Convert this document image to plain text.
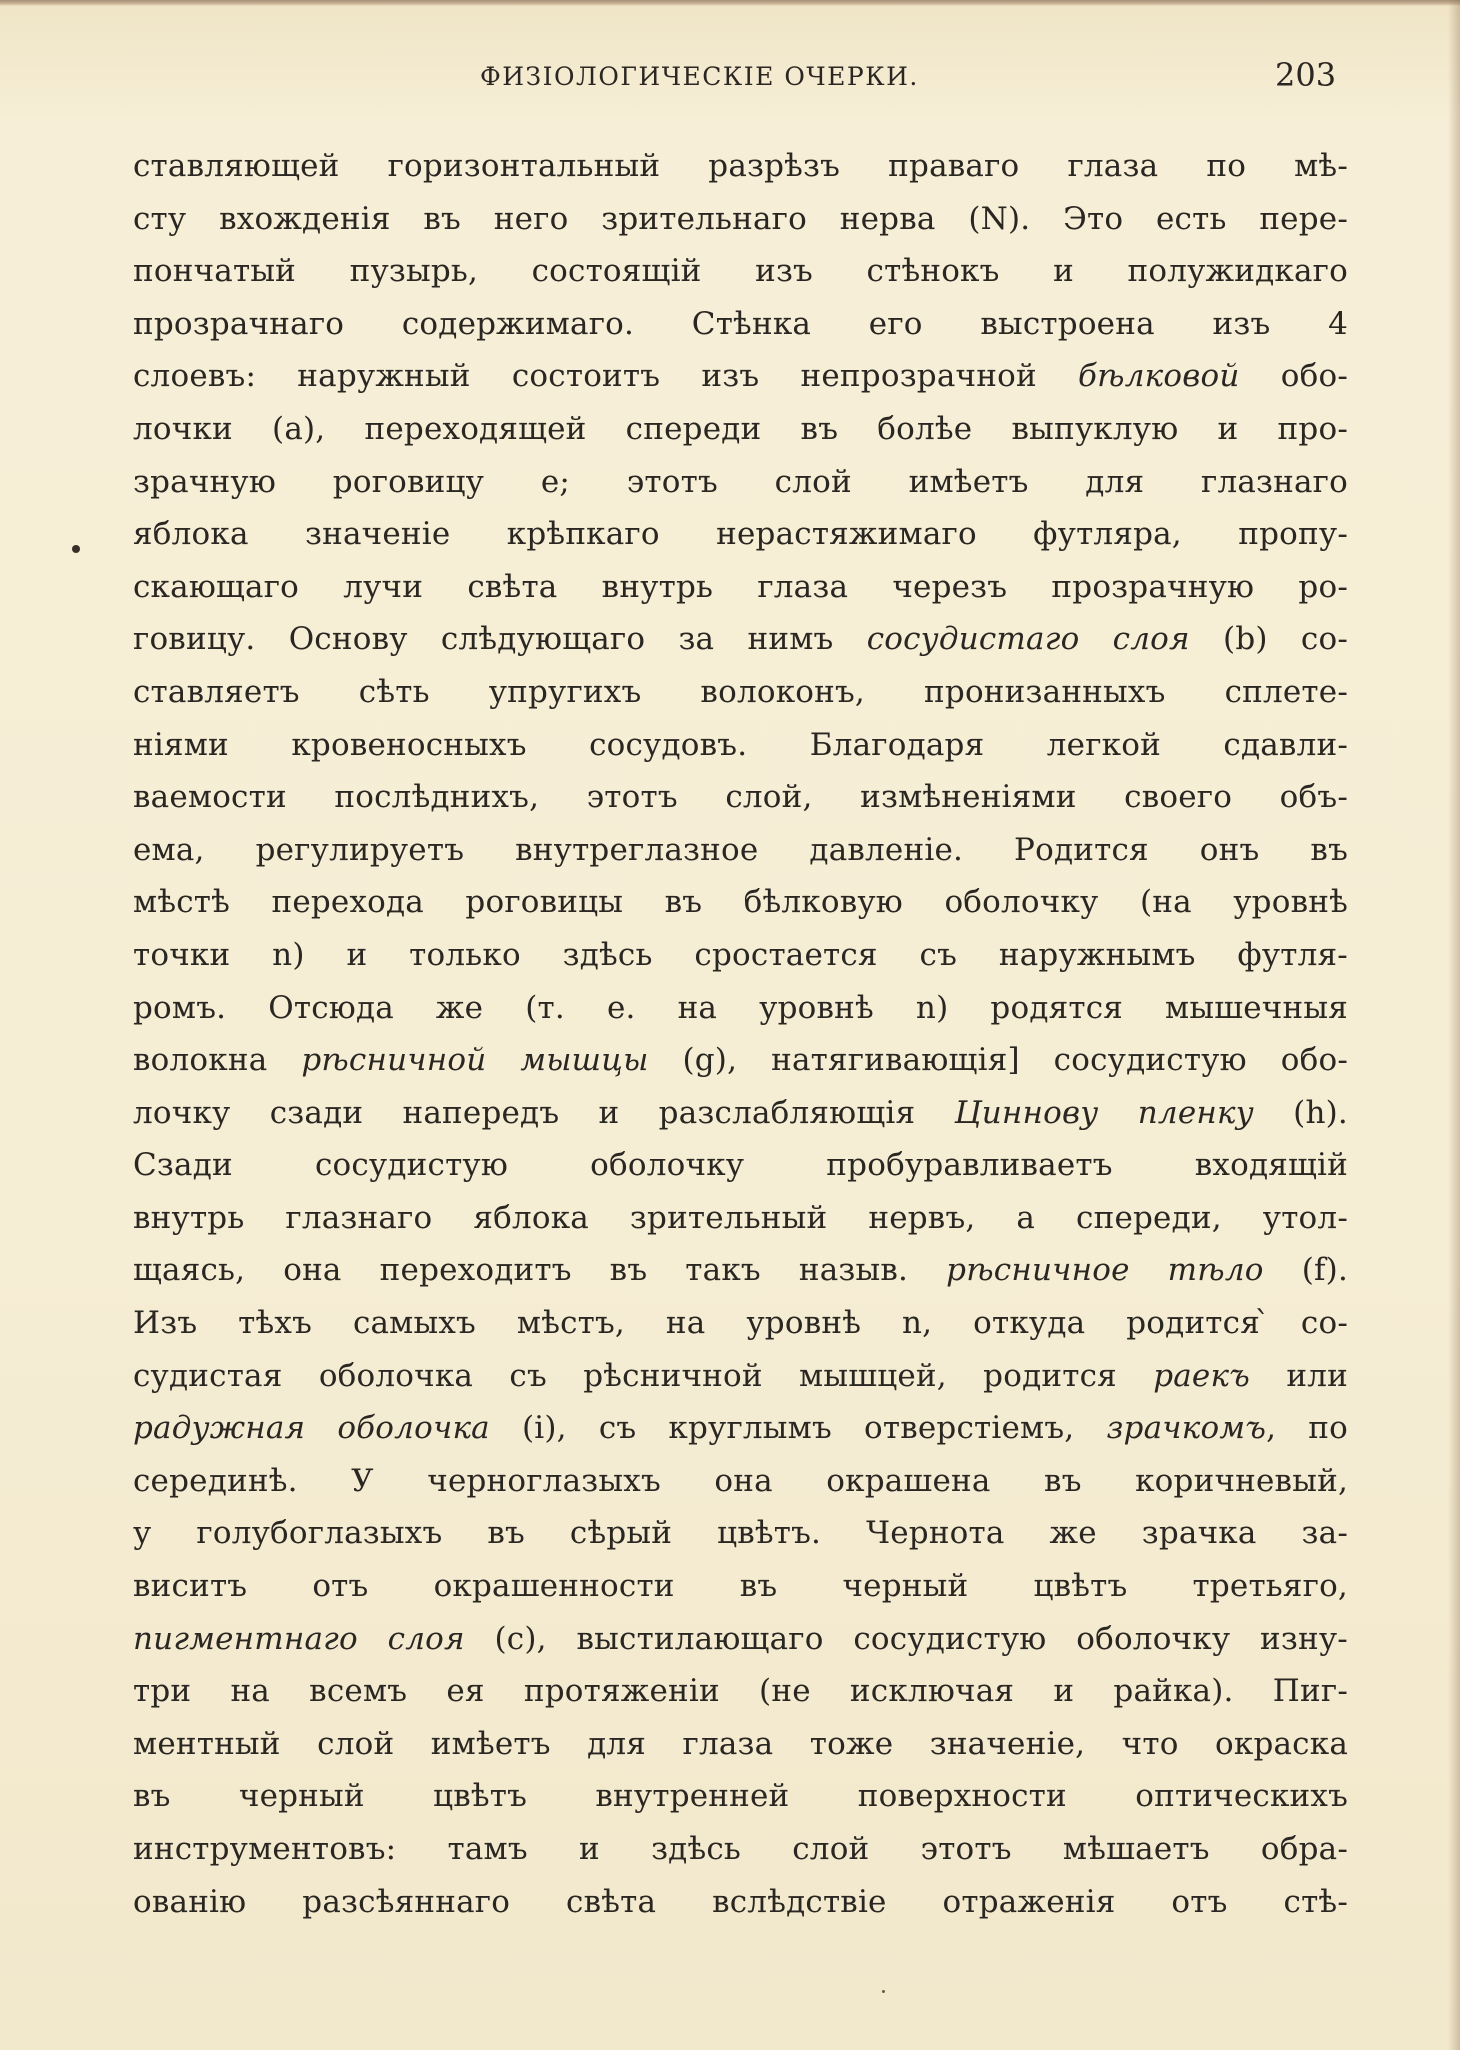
ФИЗІОЛОГИЧЕСКІЕ ОЧЕРКИ.	203
ставляющей горизонтальный разрѣзъ праваго глаза по мѣ-
сту вхожденія въ него зрительнаго нерва (N). Это есть пере-
пончатый пузырь, состоящій изъ стѣнокъ и полужидкаго
прозрачнаго содержимаго. Стѣнка его выстроена изъ 4
слоевъ: наружный состоитъ изъ непрозрачной бѣлковой обо-
лочки (a), переходящей спереди въ болѣе выпуклую и про-
зрачную роговицу e; этотъ слой имѣетъ для глазнаго
яблока значеніе крѣпкаго нерастяжимаго футляра, пропу-
скающаго лучи свѣта внутрь глаза черезъ прозрачную ро-
говицу. Основу слѣдующаго за нимъ сосудистаго слоя (b) со-
ставляетъ сѣть упругихъ волоконъ, пронизанныхъ сплете-
ніями кровеносныхъ сосудовъ. Благодаря легкой сдавли-
ваемости послѣднихъ, этотъ слой, измѣненіями своего объ-
ема, регулируетъ внутреглазное давленіе. Родится онъ въ
мѣстѣ перехода роговицы въ бѣлковую оболочку (на уровнѣ
точки n) и только здѣсь сростается съ наружнымъ футля-
ромъ. Отсюда же (т. е. на уровнѣ n) родятся мышечныя
волокна рѣсничной мышцы (g), натягивающія] сосудистую обо-
лочку сзади напередъ и разслабляющія Циннову пленку (h).
Сзади сосудистую оболочку пробуравливаетъ входящій
внутрь глазнаго яблока зрительный нервъ, а спереди, утол-
щаясь, она переходитъ въ такъ назыв. рѣсничное тѣло (f).
Изъ тѣхъ самыхъ мѣстъ, на уровнѣ n, откуда родится ̀со-
судистая оболочка съ рѣсничной мышцей, родится раекъ или
радужная оболочка (i), съ круглымъ отверстіемъ, зрачкомъ, по
серединѣ. У черноглазыхъ она окрашена въ коричневый,
у голубоглазыхъ въ сѣрый цвѣтъ. Чернота же зрачка за-
виситъ отъ окрашенности въ черный цвѣтъ третьяго,
пигментнаго слоя (c), выстилающаго сосудистую оболочку изну-
три на всемъ ея протяженіи (не исключая и райка). Пиг-
ментный слой имѣетъ для глаза тоже значеніе, что окраска
въ черный цвѣтъ внутренней поверхности оптическихъ
инструментовъ: тамъ и здѣсь слой этотъ мѣшаетъ обра-
ованію разсѣяннаго свѣта вслѣдствіе отраженія отъ стѣ-
